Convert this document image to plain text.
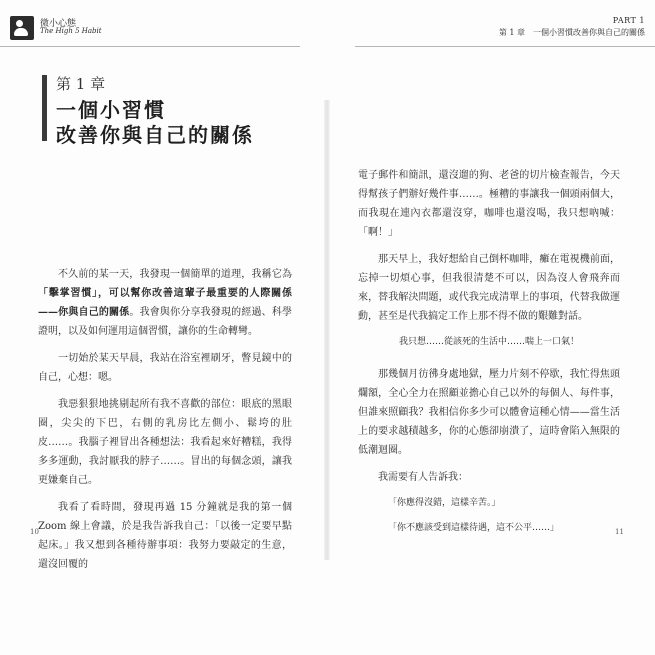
微小心態
The High 5 Habit
PART 1
第 1 章　一個小習慣改善你與自己的關係
第 1 章
一個小習慣
改善你與自己的關係

不久前的某一天，我發現一個簡單的道理，我稱它為「擊掌習慣」，可以幫你改善這輩子最重要的人際關係——你與自己的關係。我會與你分享我發現的經過、科學證明，以及如何運用這個習慣，讓你的生命轉彎。

一切始於某天早晨，我站在浴室裡刷牙，瞥見鏡中的自己，心想：嗯。

我惡狠狠地挑剔起所有我不喜歡的部位：眼底的黑眼圈，尖尖的下巴，右側的乳房比左側小、鬆垮的肚皮……。我腦子裡冒出各種想法：我看起來好糟糕，我得多多運動，我討厭我的脖子……。冒出的每個念頭，讓我更嫌棄自己。

我看了看時間，發現再過 15 分鐘就是我的第一個 Zoom 線上會議，於是我告訴我自己：「以後一定要早點起床。」我又想到各種待辦事項：我努力要敲定的生意，還沒回覆的

電子郵件和簡訊，還沒遛的狗、老爸的切片檢查報告，今天得幫孩子們辦好幾件事……。極糟的事讓我一個頭兩個大，而我現在連內衣都還沒穿，咖啡也還沒喝，我只想吶喊：「啊！」

那天早上，我好想給自己倒杯咖啡，癱在電視機前面，忘掉一切煩心事，但我很清楚不可以，因為沒人會飛奔而來，替我解決問題，或代我完成清單上的事項，代替我做運動，甚至是代我搞定工作上那不得不做的艱難對話。

我只想……從該死的生活中……喘上一口氣！

那幾個月彷彿身處地獄，壓力片刻不停歇，我忙得焦頭爛額，全心全力在照顧並擔心自己以外的每個人、每件事，但誰來照顧我？我相信你多少可以體會這種心情——當生活上的要求越積越多，你的心態卻崩潰了，這時會陷入無限的低潮迴圈。

我需要有人告訴我：

「你應得沒錯，這樣辛苦。」

「你不應該受到這樣待遇，這不公平……」

10	11
